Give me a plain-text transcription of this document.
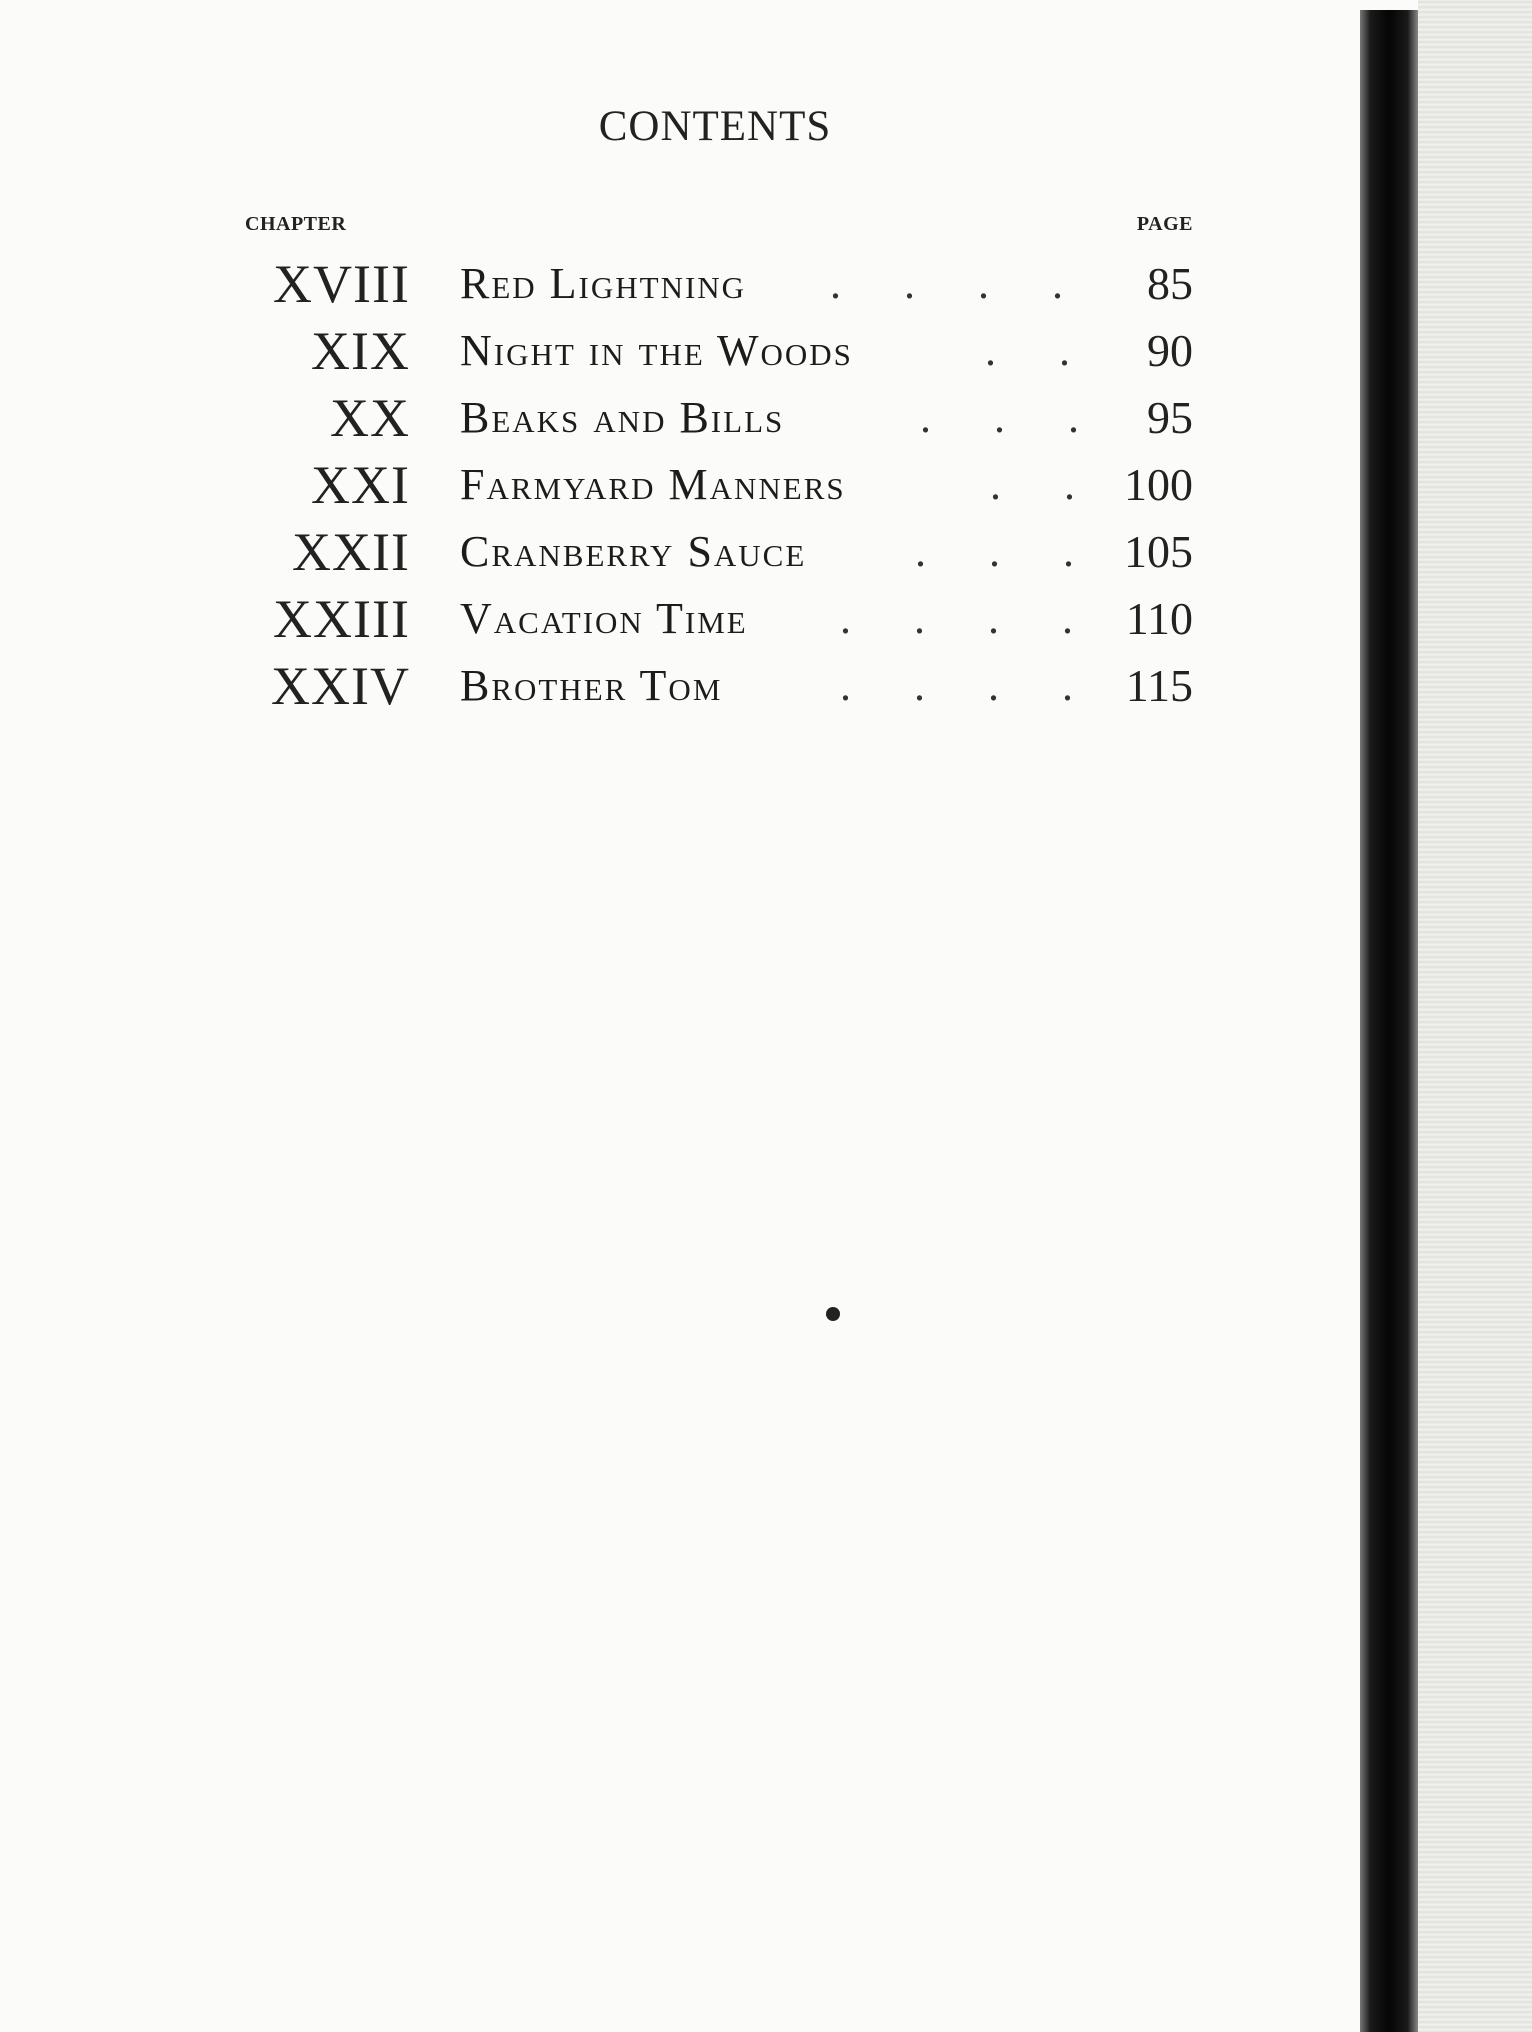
CONTENTS
CHAPTER	PAGE
XVIII Red Lightning . . . . 85
XIX Night in the Woods	. . 90
XX Beaks and Bills	. . . 95
XXI Farmyard Manners	. . 100
XXII Cranberry Sauce . . . 105
XXIII Vacation Time . . . . 110
XXIV Brother Tom	. . . . 115
